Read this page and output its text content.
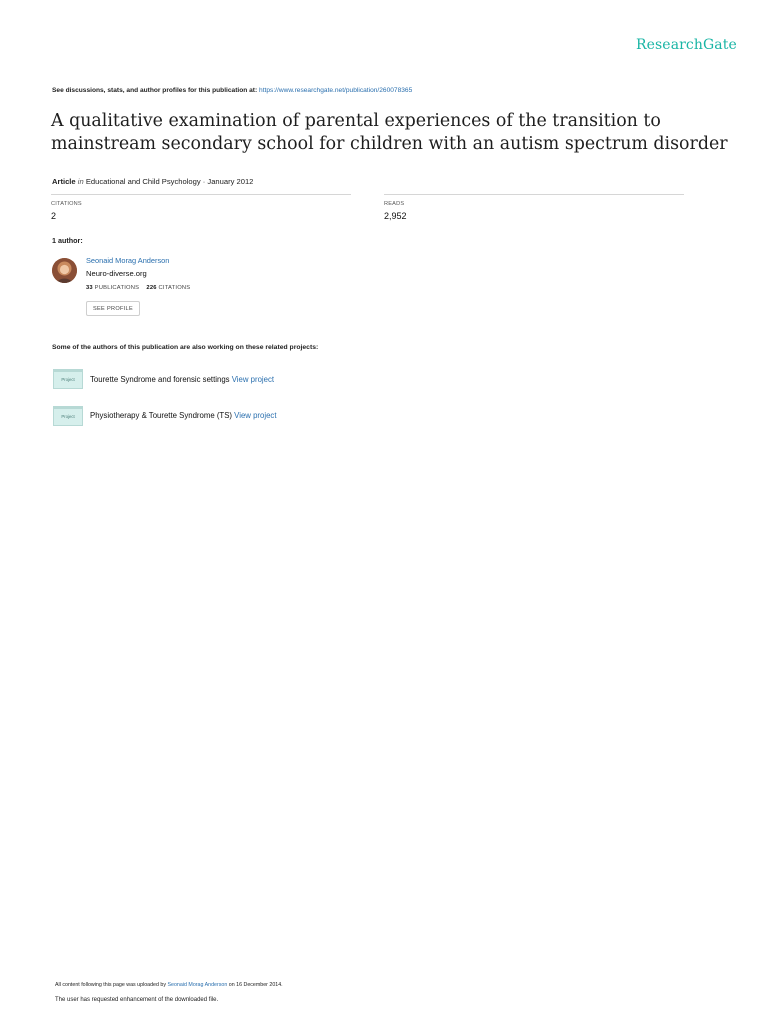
ResearchGate
See discussions, stats, and author profiles for this publication at: https://www.researchgate.net/publication/260078365
A qualitative examination of parental experiences of the transition to mainstream secondary school for children with an autism spectrum disorder
Article in Educational and Child Psychology · January 2012
CITATIONS
2
READS
2,952
1 author:
Seonaid Morag Anderson
Neuro-diverse.org
33 PUBLICATIONS 226 CITATIONS
SEE PROFILE
Some of the authors of this publication are also working on these related projects:
Project	Tourette Syndrome and forensic settings View project
Project	Physiotherapy & Tourette Syndrome (TS) View project
All content following this page was uploaded by Seonaid Morag Anderson on 16 December 2014.
The user has requested enhancement of the downloaded file.
